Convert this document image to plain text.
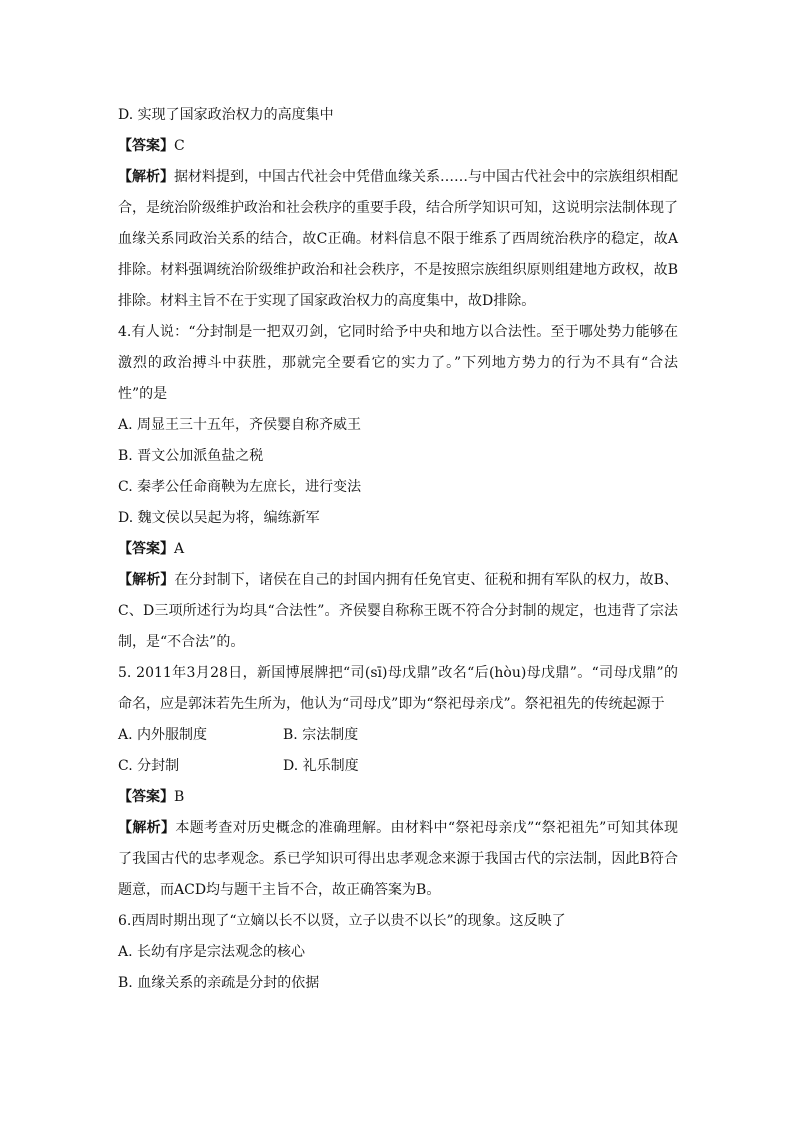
D. 实现了国家政治权力的高度集中
【答案】C
【解析】据材料提到，中国古代社会中凭借血缘关系……与中国古代社会中的宗族组织相配合，是统治阶级维护政治和社会秩序的重要手段，结合所学知识可知，这说明宗法制体现了血缘关系同政治关系的结合，故C正确。材料信息不限于维系了西周统治秩序的稳定，故A排除。材料强调统治阶级维护政治和社会秩序，不是按照宗族组织原则组建地方政权，故B排除。材料主旨不在于实现了国家政治权力的高度集中，故D排除。
4.有人说：“分封制是一把双刃剑，它同时给予中央和地方以合法性。至于哪处势力能够在激烈的政治搏斗中获胜，那就完全要看它的实力了。”下列地方势力的行为不具有“合法性”的是
A. 周显王三十五年，齐侯婴自称齐威王
B. 晋文公加派鱼盐之税
C. 秦孝公任命商鞅为左庶长，进行变法
D. 魏文侯以吴起为将，编练新军
【答案】A
【解析】在分封制下，诸侯在自己的封国内拥有任免官吏、征税和拥有军队的权力，故B、C、D三项所述行为均具“合法性”。齐侯婴自称称王既不符合分封制的规定，也违背了宗法制，是“不合法”的。
5. 2011年3月28日，新国博展牌把“司(sī)母戊鼎”改名“后(hòu)母戊鼎”。“司母戊鼎”的命名，应是郭沫若先生所为，他认为“司母戊”即为“祭祀母亲戊”。祭祀祖先的传统起源于
A. 内外服制度	B. 宗法制度
C. 分封制	D. 礼乐制度
【答案】B
【解析】本题考查对历史概念的准确理解。由材料中“祭祀母亲戊”“祭祀祖先”可知其体现了我国古代的忠孝观念。系已学知识可得出忠孝观念来源于我国古代的宗法制，因此B符合题意，而ACD均与题干主旨不合，故正确答案为B。
6.西周时期出现了“立嫡以长不以贤，立子以贵不以长”的现象。这反映了
A. 长幼有序是宗法观念的核心
B. 血缘关系的亲疏是分封的依据
